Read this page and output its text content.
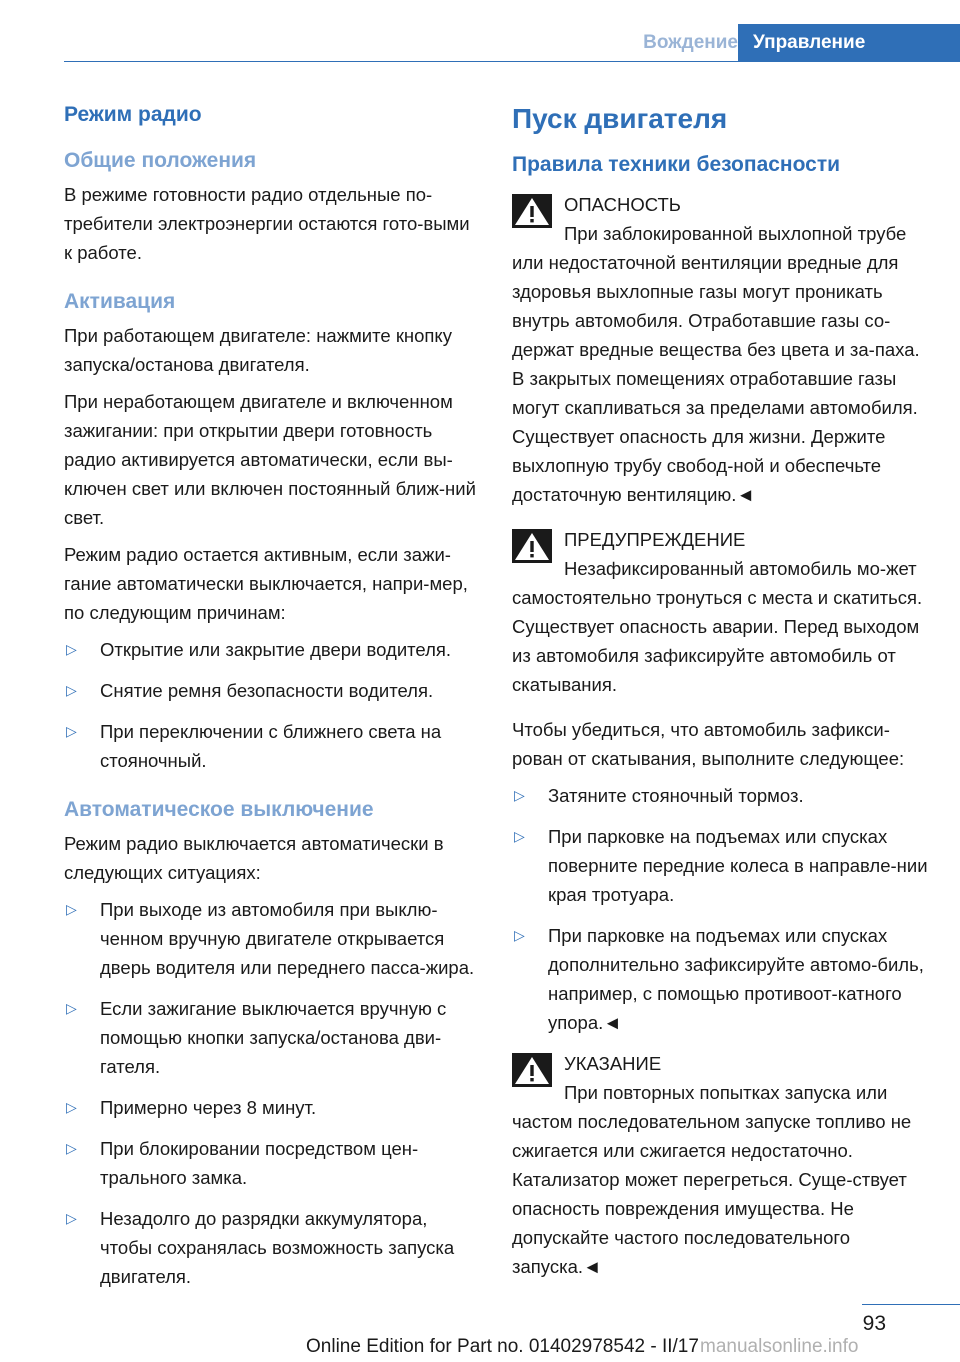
Вождение Управление
Режим радио
Общие положения

В режиме готовности радио отдельные по-требители электроэнергии остаются гото-выми к работе.

Активация

При работающем двигателе: нажмите кнопку запуска/останова двигателя.

При неработающем двигателе и включенном зажигании: при открытии двери готовность радио активируется автоматически, если вы-ключен свет или включен постоянный ближ-ний свет.

Режим радио остается активным, если зажи-гание автоматически выключается, напри-мер, по следующим причинам:

▷ Открытие или закрытие двери водителя.
▷ Снятие ремня безопасности водителя.
▷ При переключении с ближнего света на стояночный.
Автоматическое выключение

Режим радио выключается автоматически в следующих ситуациях:

▷ При выходе из автомобиля при выклю-ченном вручную двигателе открывается дверь водителя или переднего пасса-жира.
▷ Если зажигание выключается вручную с помощью кнопки запуска/останова дви-гателя.
▷ Примерно через 8 минут.
▷ При блокировании посредством цен-трального замка.
▷ Незадолго до разрядки аккумулятора, чтобы сохранялась возможность запуска двигателя.
Пуск двигателя
Правила техники безопасности
ОПАСНОСТЬ

При заблокированной выхлопной трубе или недостаточной вентиляции вредные для здоровья выхлопные газы могут проникать внутрь автомобиля. Отработавшие газы со-держат вредные вещества без цвета и за-паха. В закрытых помещениях отработавшие газы могут скапливаться за пределами автомобиля. Существует опасность для жизни. Держите выхлопную трубу свобод-ной и обеспечьте достаточную вентиляцию.◄

ПРЕДУПРЕЖДЕНИЕ

Незафиксированный автомобиль мо-жет самостоятельно тронуться с места и скатиться. Существует опасность аварии. Перед выходом из автомобиля зафиксируйте автомобиль от скатывания.

Чтобы убедиться, что автомобиль зафикси-рован от скатывания, выполните следующее:

▷ Затяните стояночный тормоз.
▷ При парковке на подъемах или спусках поверните передние колеса в направле-нии края тротуара.
▷ При парковке на подъемах или спусках дополнительно зафиксируйте автомо-биль, например, с помощью противоот-катного упора.◄
УКАЗАНИЕ

При повторных попытках запуска или частом последовательном запуске топливо не сжигается или сжигается недостаточно. Катализатор может перегреться. Суще-ствует опасность повреждения имущества. Не допускайте частого последовательного запуска.◄

93
Online Edition for Part no. 01402978542 - II/17 manualsonline.info
